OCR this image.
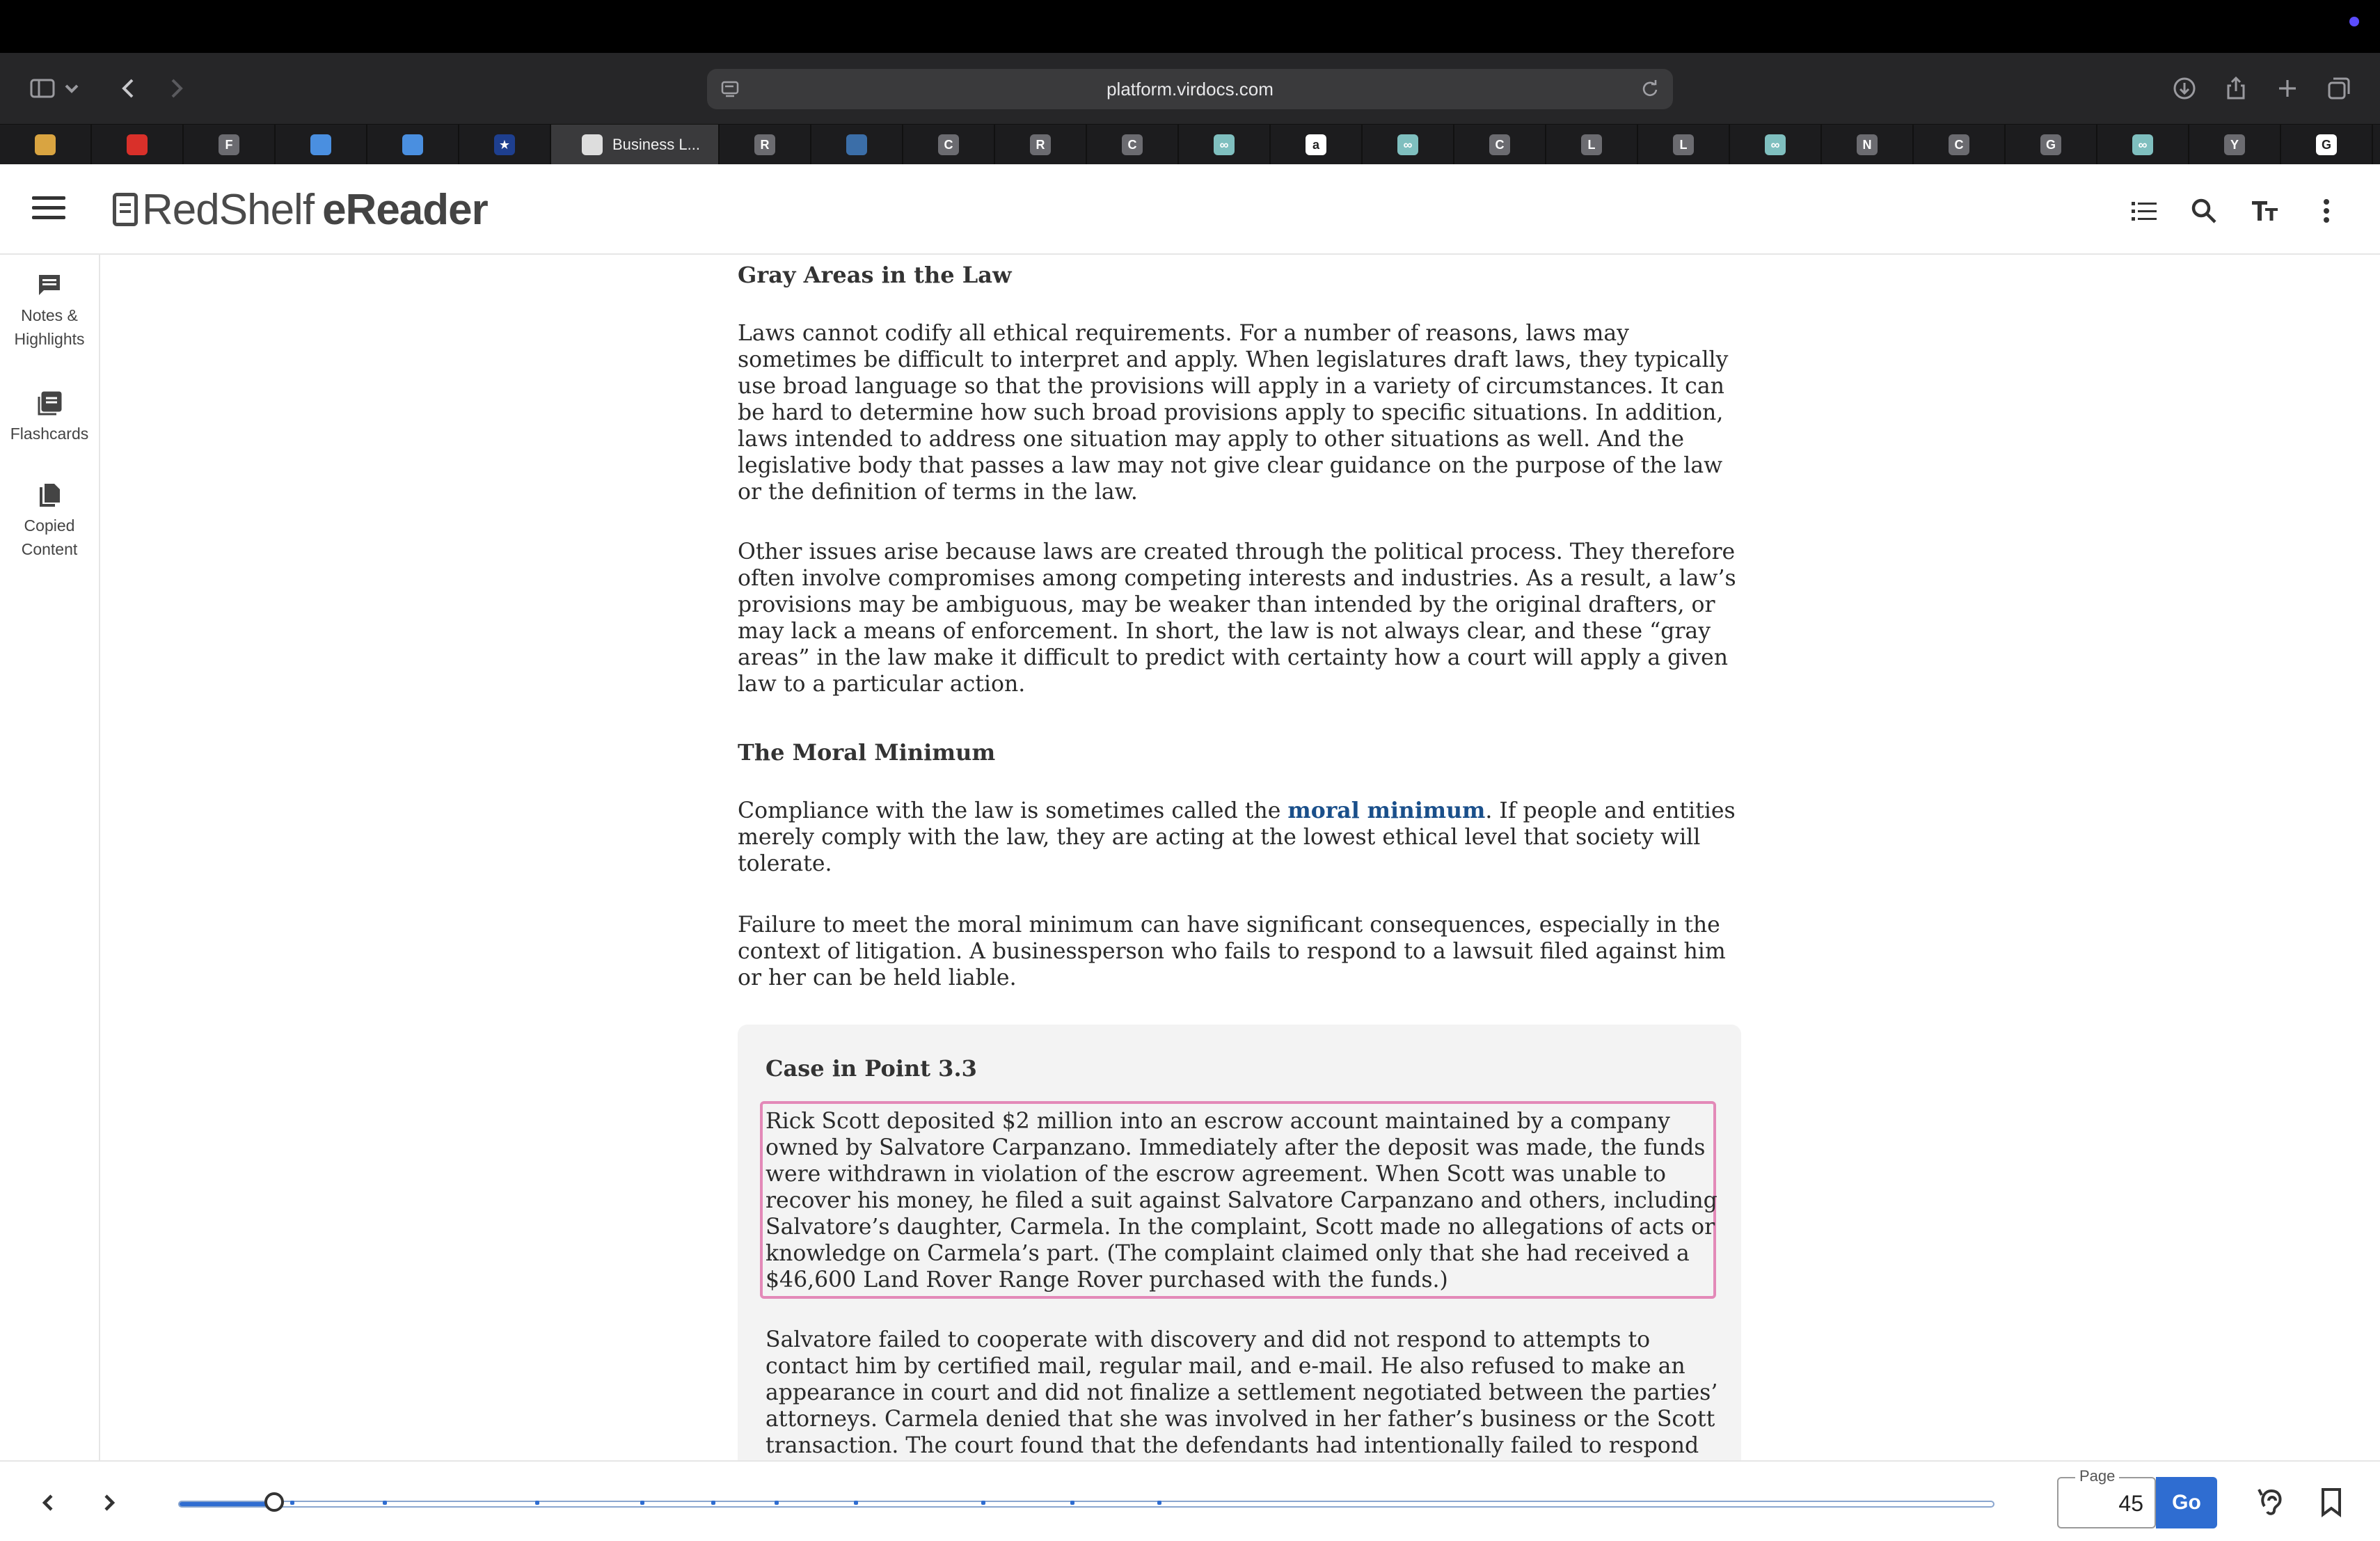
platform.virdocs.com
F	★	Business L...	R	C	R	C	∞	a	∞	C	L	L	∞	N	C	G	∞	Y	G
RedShelf eReader
Notes &
Highlights
Flashcards
Copied
Content
Gray Areas in the Law

Laws cannot codify all ethical requirements. For a number of reasons, laws may sometimes be difficult to interpret and apply. When legislatures draft laws, they typically use broad language so that the provisions will apply in a variety of circumstances. It can be hard to determine how such broad provisions apply to specific situations. In addition, laws intended to address one situation may apply to other situations as well. And the legislative body that passes a law may not give clear guidance on the purpose of the law or the definition of terms in the law.

Other issues arise because laws are created through the political process. They therefore often involve compromises among competing interests and industries. As a result, a law’s provisions may be ambiguous, may be weaker than intended by the original drafters, or may lack a means of enforcement. In short, the law is not always clear, and these “gray areas” in the law make it difficult to predict with certainty how a court will apply a given law to a particular action.

The Moral Minimum

Compliance with the law is sometimes called the moral minimum. If people and entities merely comply with the law, they are acting at the lowest ethical level that society will tolerate.

Failure to meet the moral minimum can have significant consequences, especially in the context of litigation. A businessperson who fails to respond to a lawsuit filed against him or her can be held liable.

Case in Point 3.3

Rick Scott deposited $2 million into an escrow account maintained by a company owned by Salvatore Carpanzano. Immediately after the deposit was made, the funds were withdrawn in violation of the escrow agreement. When Scott was unable to recover his money, he filed a suit against Salvatore Carpanzano and others, including Salvatore’s daughter, Carmela. In the complaint, Scott made no allegations of acts or knowledge on Carmela’s part. (The complaint claimed only that she had received a $46,600 Land Rover Range Rover purchased with the funds.)

Salvatore failed to cooperate with discovery and did not respond to attempts to contact him by certified mail, regular mail, and e-mail. He also refused to make an appearance in court and did not finalize a settlement negotiated between the parties’ attorneys. Carmela denied that she was involved in her father’s business or the Scott transaction. The court found that the defendants had intentionally failed to respond

Page
45
Go
